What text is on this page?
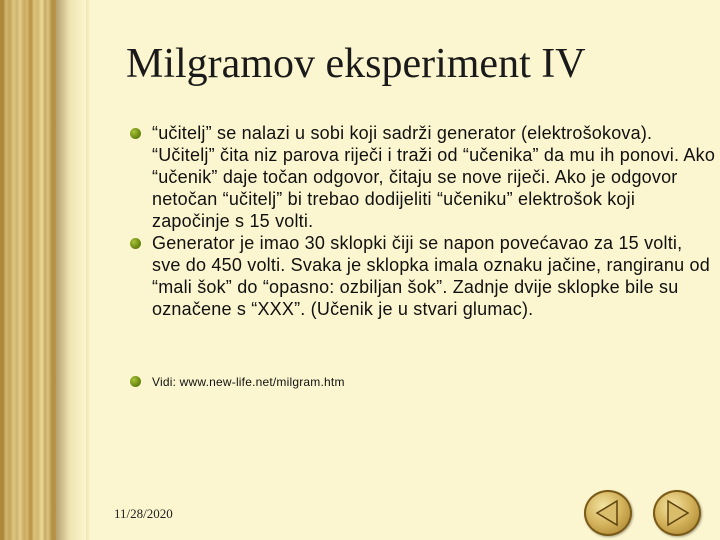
Milgramov eksperiment IV
“učitelj” se nalazi u sobi koji sadrži generator (elektrošokova). “Učitelj” čita niz parova riječi i traži od “učenika” da mu ih ponovi. Ako “učenik” daje točan odgovor, čitaju se nove riječi. Ako je odgovor netočan “učitelj” bi trebao dodijeliti “učeniku” elektrošok koji započinje s 15 volti.
Generator je imao 30 sklopki čiji se napon povećavao za 15 volti, sve do 450 volti. Svaka je sklopka imala oznaku jačine, rangiranu od “mali šok” do “opasno: ozbiljan šok”. Zadnje dvije sklopke bile su označene s “XXX”. (Učenik je u stvari glumac).
Vidi: www.new-life.net/milgram.htm
11/28/2020
